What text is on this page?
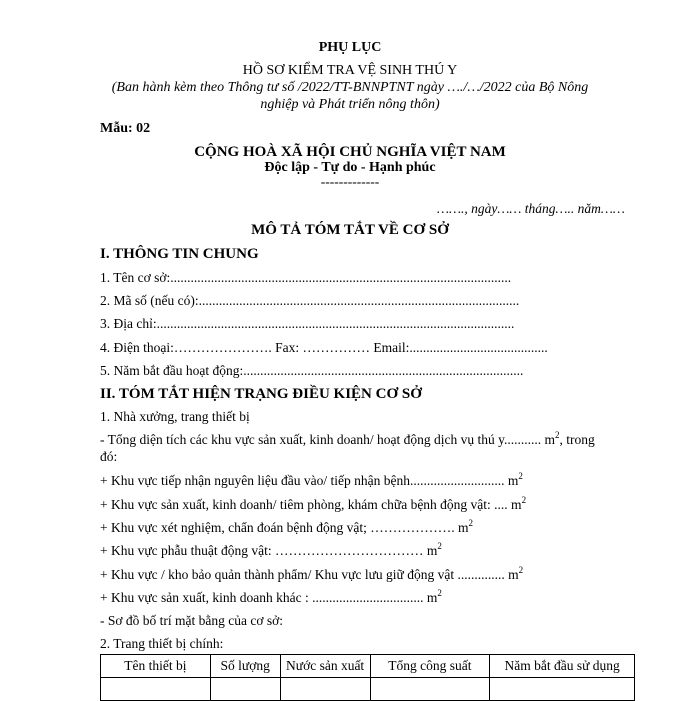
PHỤ LỤC
HỒ SƠ KIỂM TRA VỆ SINH THÚ Y
(Ban hành kèm theo Thông tư số /2022/TT-BNNPTNT ngày …./…/2022 của Bộ Nông
nghiệp và Phát triển nông thôn)
Mẫu: 02
CỘNG HOÀ XÃ HỘI CHỦ NGHĨA VIỆT NAM
Độc lập - Tự do - Hạnh phúc
-------------
……., ngày…… tháng….. năm……
MÔ TẢ TÓM TẮT VỀ CƠ SỞ
I. THÔNG TIN CHUNG
1. Tên cơ sở:.....................................................................................................
2. Mã số (nếu có):...............................................................................................
3. Địa chỉ:..........................................................................................................
4. Điện thoại:…………………. Fax: …………… Email:.........................................
5. Năm bắt đầu hoạt động:...................................................................................
II. TÓM TẮT HIỆN TRẠNG ĐIỀU KIỆN CƠ SỞ
1. Nhà xưởng, trang thiết bị
- Tổng diện tích các khu vực sản xuất, kinh doanh/ hoạt động dịch vụ thú y........... $m^2$, trong
đó:
+ Khu vực tiếp nhận nguyên liệu đầu vào/ tiếp nhận bệnh............................ $m^2$
+ Khu vực sản xuất, kinh doanh/ tiêm phòng, khám chữa bệnh động vật: .... $m^2$
+ Khu vực xét nghiệm, chẩn đoán bệnh động vật; ………………. $m^2$
+ Khu vực phẫu thuật động vật: …………………………… $m^2$
+ Khu vực / kho bảo quản thành phẩm/ Khu vực lưu giữ động vật .............. $m^2$
+ Khu vực sản xuất, kinh doanh khác : ................................. $m^2$
- Sơ đồ bố trí mặt bằng của cơ sở:
2. Trang thiết bị chính:
Tên thiết bị	Số lượng	Nước sản xuất	Tổng công suất	Năm bắt đầu sử dụng
